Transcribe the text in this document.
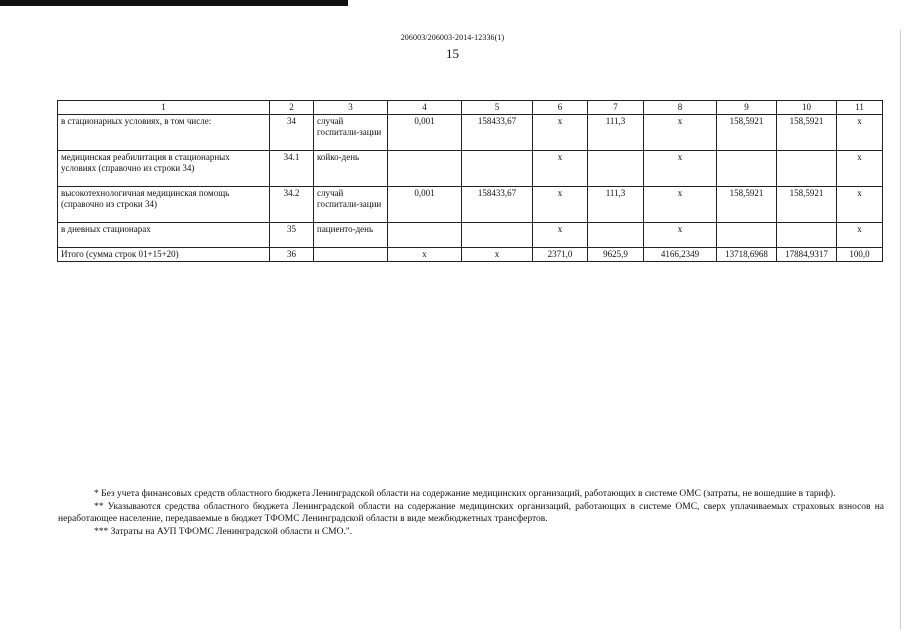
206003/206003-2014-12336(1)
15
1	2	3	4	5	6	7	8	9	10	11
в стационарных условиях, в том числе:	34	случай госпитали-зации	0,001	158433,67	х	111,3	х	158,5921	158,5921	х
медицинская реабилитация в стационарных условиях (справочно из строки 34)	34.1	койко-день			х		х			х
высокотехнологичная медицинская помощь (справочно из строки 34)	34.2	случай госпитали-зации	0,001	158433,67	х	111,3	х	158,5921	158,5921	х
в дневных стационарах	35	пациенто-день			х		х			х
Итого (сумма строк 01+15+20)	36		х	х	2371,0	9625,9	4166,2349	13718,6968	17884,9317	100,0

* Без учета финансовых средств областного бюджета Ленинградской области на содержание медицинских организаций, работающих в системе ОМС (затраты, не вошедшие в тариф).

** Указываются средства областного бюджета Ленинградской области на содержание медицинских организаций, работающих в системе ОМС, сверх уплачиваемых страховых взносов на неработающее население, передаваемые в бюджет ТФОМС Ленинградской области в виде межбюджетных трансфертов.

*** Затраты на АУП ТФОМС Ленинградской области и СМО.".
